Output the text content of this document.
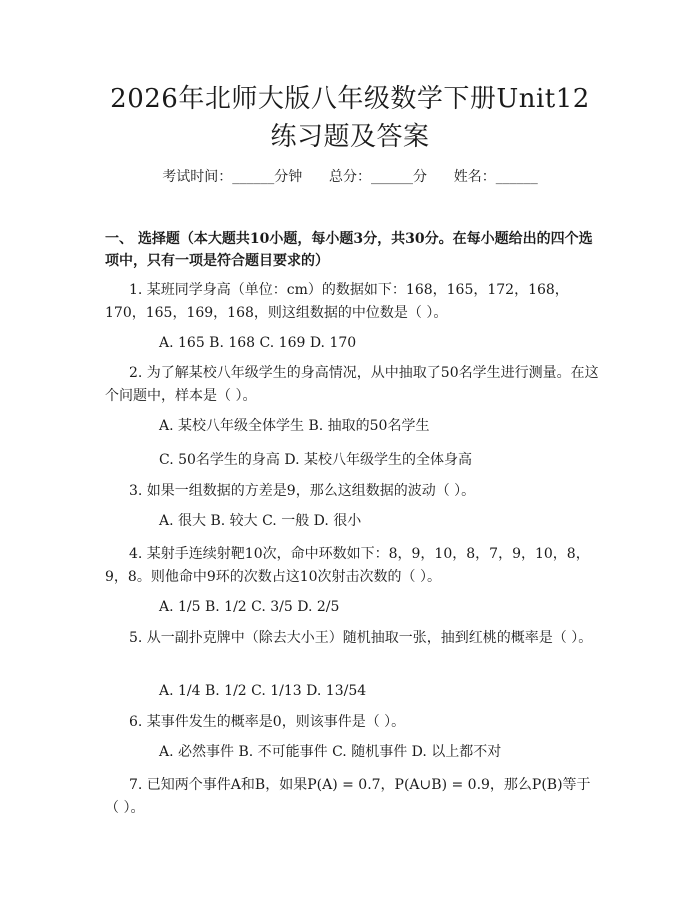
2026年北师大版八年级数学下册Unit12练习题及答案
考试时间：______分钟      总分：______分      姓名：______
一、 选择题（本大题共10小题，每小题3分，共30分。在每小题给出的四个选项中，只有一项是符合题目要求的）
1. 某班同学身高（单位：cm）的数据如下：168，165，172，168，170，165，169，168，则这组数据的中位数是（ ）。
A. 165 B. 168 C. 169 D. 170
2. 为了解某校八年级学生的身高情况，从中抽取了50名学生进行测量。在这个问题中，样本是（ ）。
A. 某校八年级全体学生 B. 抽取的50名学生
C. 50名学生的身高 D. 某校八年级学生的全体身高
3. 如果一组数据的方差是9，那么这组数据的波动（ ）。
A. 很大 B. 较大 C. 一般 D. 很小
4. 某射手连续射靶10次，命中环数如下：8，9，10，8，7，9，10，8，9，8。则他命中9环的次数占这10次射击次数的（ ）。
A. 1/5 B. 1/2 C. 3/5 D. 2/5
5. 从一副扑克牌中（除去大小王）随机抽取一张，抽到红桃的概率是（ ）。
A. 1/4 B. 1/2 C. 1/13 D. 13/54
6. 某事件发生的概率是0，则该事件是（ ）。
A. 必然事件 B. 不可能事件 C. 随机事件 D. 以上都不对
7. 已知两个事件A和B，如果P(A) = 0.7，P(A∪B) = 0.9，那么P(B)等于（ ）。
